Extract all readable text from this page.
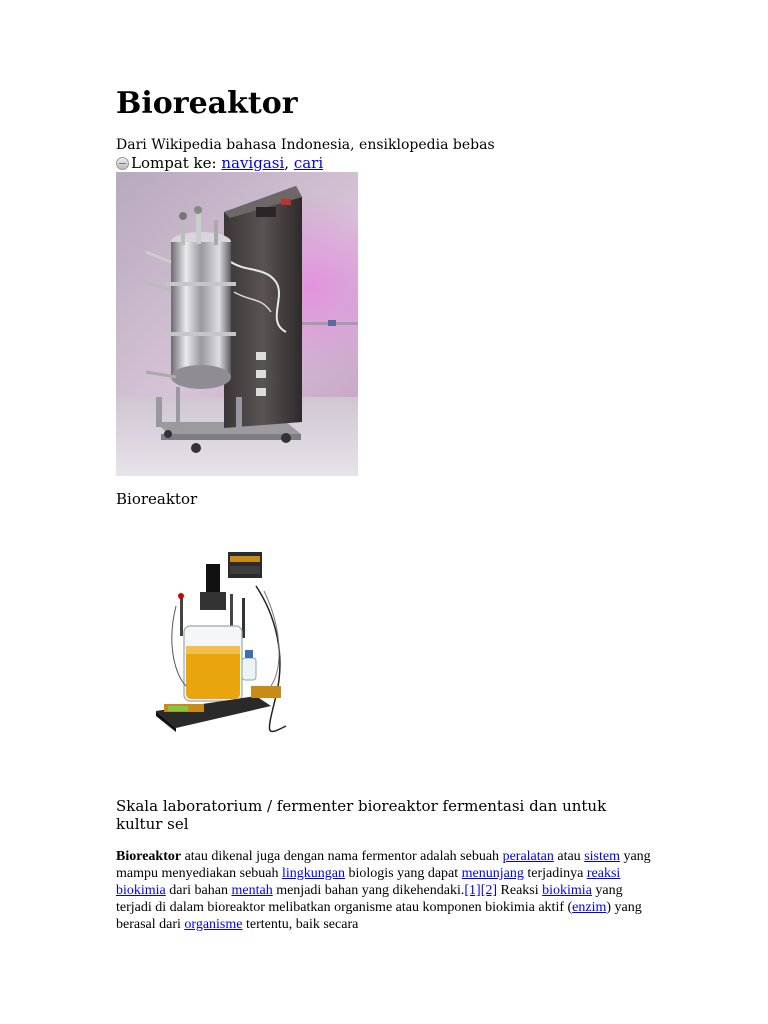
Bioreaktor

Dari Wikipedia bahasa Indonesia, ensiklopedia bebas

Lompat ke: navigasi , cari

Bioreaktor

Skala laboratorium / fermenter bioreaktor fermentasi dan untuk kultur sel

Bioreaktor atau dikenal juga dengan nama fermentor adalah sebuah peralatan atau sistem yang mampu menyediakan sebuah lingkungan biologis yang dapat menunjang terjadinya reaksi biokimia dari bahan mentah menjadi bahan yang dikehendaki.[1][2] Reaksi biokimia yang terjadi di dalam bioreaktor melibatkan organisme atau komponen biokimia aktif (enzim) yang berasal dari organisme tertentu, baik secara
